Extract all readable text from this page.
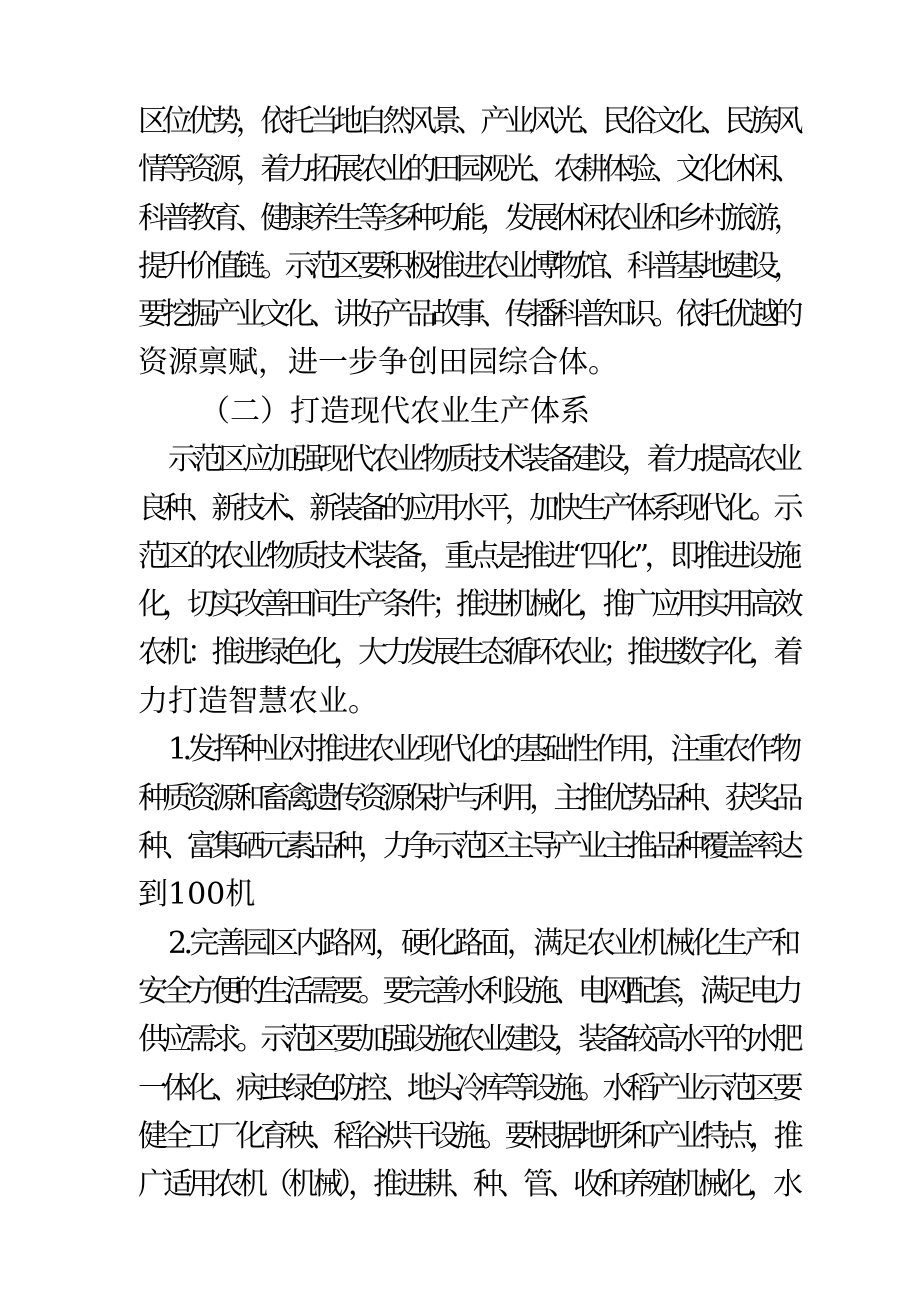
区位优势，依托当地自然风景、产业风光、民俗文化、民族风
情等资源，着力拓展农业的田园观光、农耕体验、文化休闲、
科普教育、健康养生等多种功能，发展休闲农业和乡村旅游，
提升价值链。示范区要积极推进农业博物馆、科普基地建设，
要挖掘产业文化、讲好产品故事、传播科普知识。依托优越的
资源禀赋，进一步争创田园综合体。
（二）打造现代农业生产体系
示范区应加强现代农业物质技术装备建设，着力提高农业
良种、新技术、新装备的应用水平，加快生产体系现代化。示
范区的农业物质技术装备，重点是推进“四化”，即推进设施
化，切实改善田间生产条件；推进机械化，推广应用实用高效
农机：推进绿色化，大力发展生态循环农业；推进数字化，着
力打造智慧农业。
1.发挥种业对推进农业现代化的基础性作用，注重农作物
种质资源和畜禽遗传资源保护与利用，主推优势品种、获奖品
种、富集硒元素品种，力争示范区主导产业主推品种覆盖率达
到100机
2.完善园区内路网，硬化路面，满足农业机械化生产和
安全方便的生活需要。要完善水利设施、电网配套，满足电力
供应需求。示范区要加强设施农业建设，装备较高水平的水肥
一体化、病虫绿色防控、地头冷库等设施。水稻产业示范区要
健全工厂化育秧、稻谷烘干设施。要根据地形和产业特点，推
广适用农机（机械），推进耕、种、管、收和养殖机械化，水
